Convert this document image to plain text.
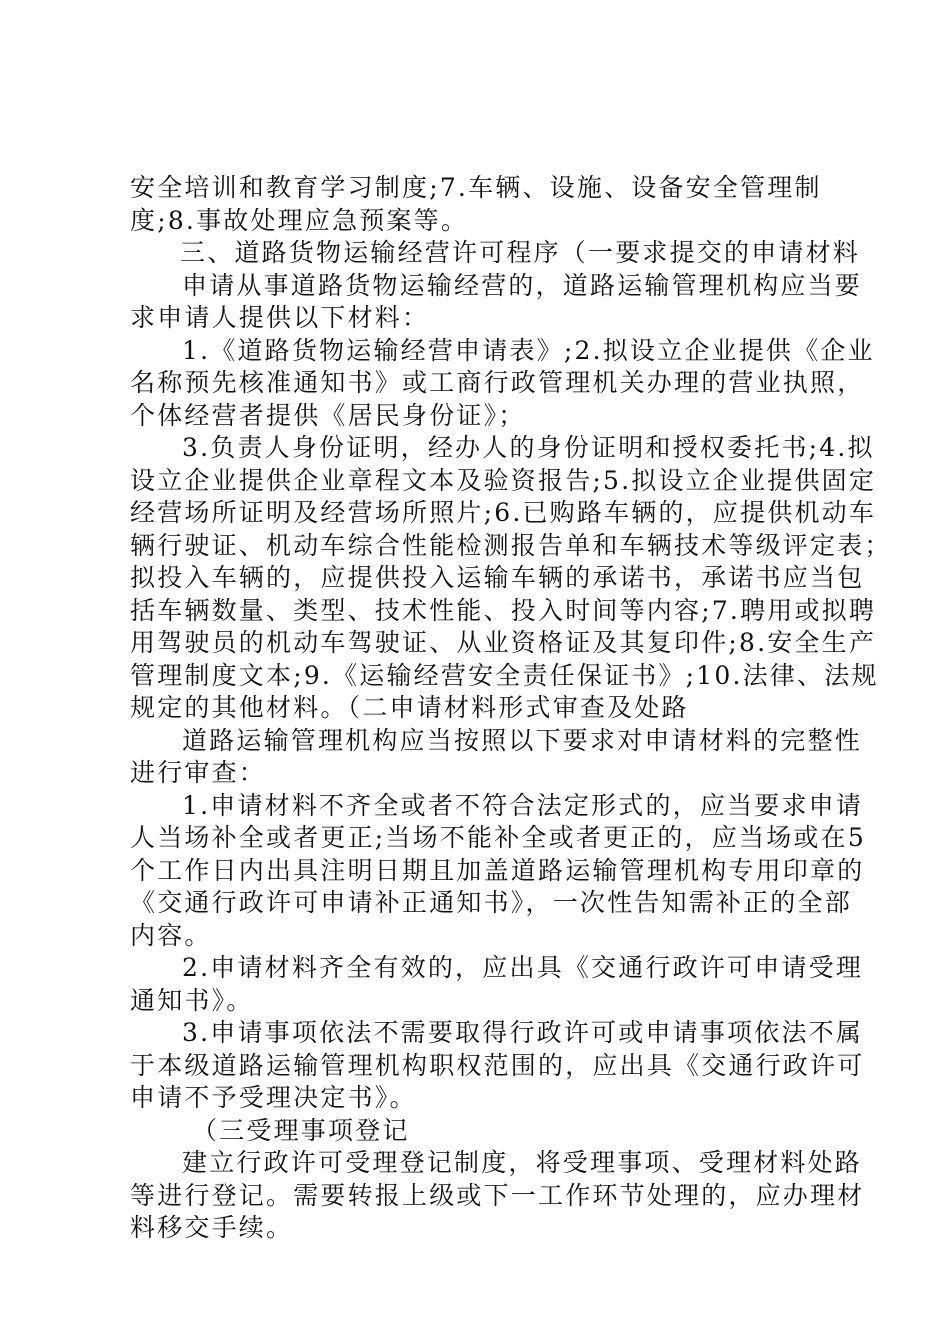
安全培训和教育学习制度;7.车辆、设施、设备安全管理制
度;8.事故处理应急预案等。
三、道路货物运输经营许可程序（一要求提交的申请材料
申请从事道路货物运输经营的，道路运输管理机构应当要
求申请人提供以下材料：
1.《道路货物运输经营申请表》;2.拟设立企业提供《企业
名称预先核准通知书》或工商行政管理机关办理的营业执照，
个体经营者提供《居民身份证》；
3.负责人身份证明，经办人的身份证明和授权委托书;4.拟
设立企业提供企业章程文本及验资报告;5.拟设立企业提供固定
经营场所证明及经营场所照片;6.已购路车辆的，应提供机动车
辆行驶证、机动车综合性能检测报告单和车辆技术等级评定表；
拟投入车辆的，应提供投入运输车辆的承诺书，承诺书应当包
括车辆数量、类型、技术性能、投入时间等内容;7.聘用或拟聘
用驾驶员的机动车驾驶证、从业资格证及其复印件;8.安全生产
管理制度文本;9.《运输经营安全责任保证书》;10.法律、法规
规定的其他材料。（二申请材料形式审查及处路
道路运输管理机构应当按照以下要求对申请材料的完整性
进行审查：
1.申请材料不齐全或者不符合法定形式的，应当要求申请
人当场补全或者更正;当场不能补全或者更正的，应当场或在5
个工作日内出具注明日期且加盖道路运输管理机构专用印章的
《交通行政许可申请补正通知书》，一次性告知需补正的全部
内容。
2.申请材料齐全有效的，应出具《交通行政许可申请受理
通知书》。
3.申请事项依法不需要取得行政许可或申请事项依法不属
于本级道路运输管理机构职权范围的，应出具《交通行政许可
申请不予受理决定书》。
（三受理事项登记
建立行政许可受理登记制度，将受理事项、受理材料处路
等进行登记。需要转报上级或下一工作环节处理的，应办理材
料移交手续。
